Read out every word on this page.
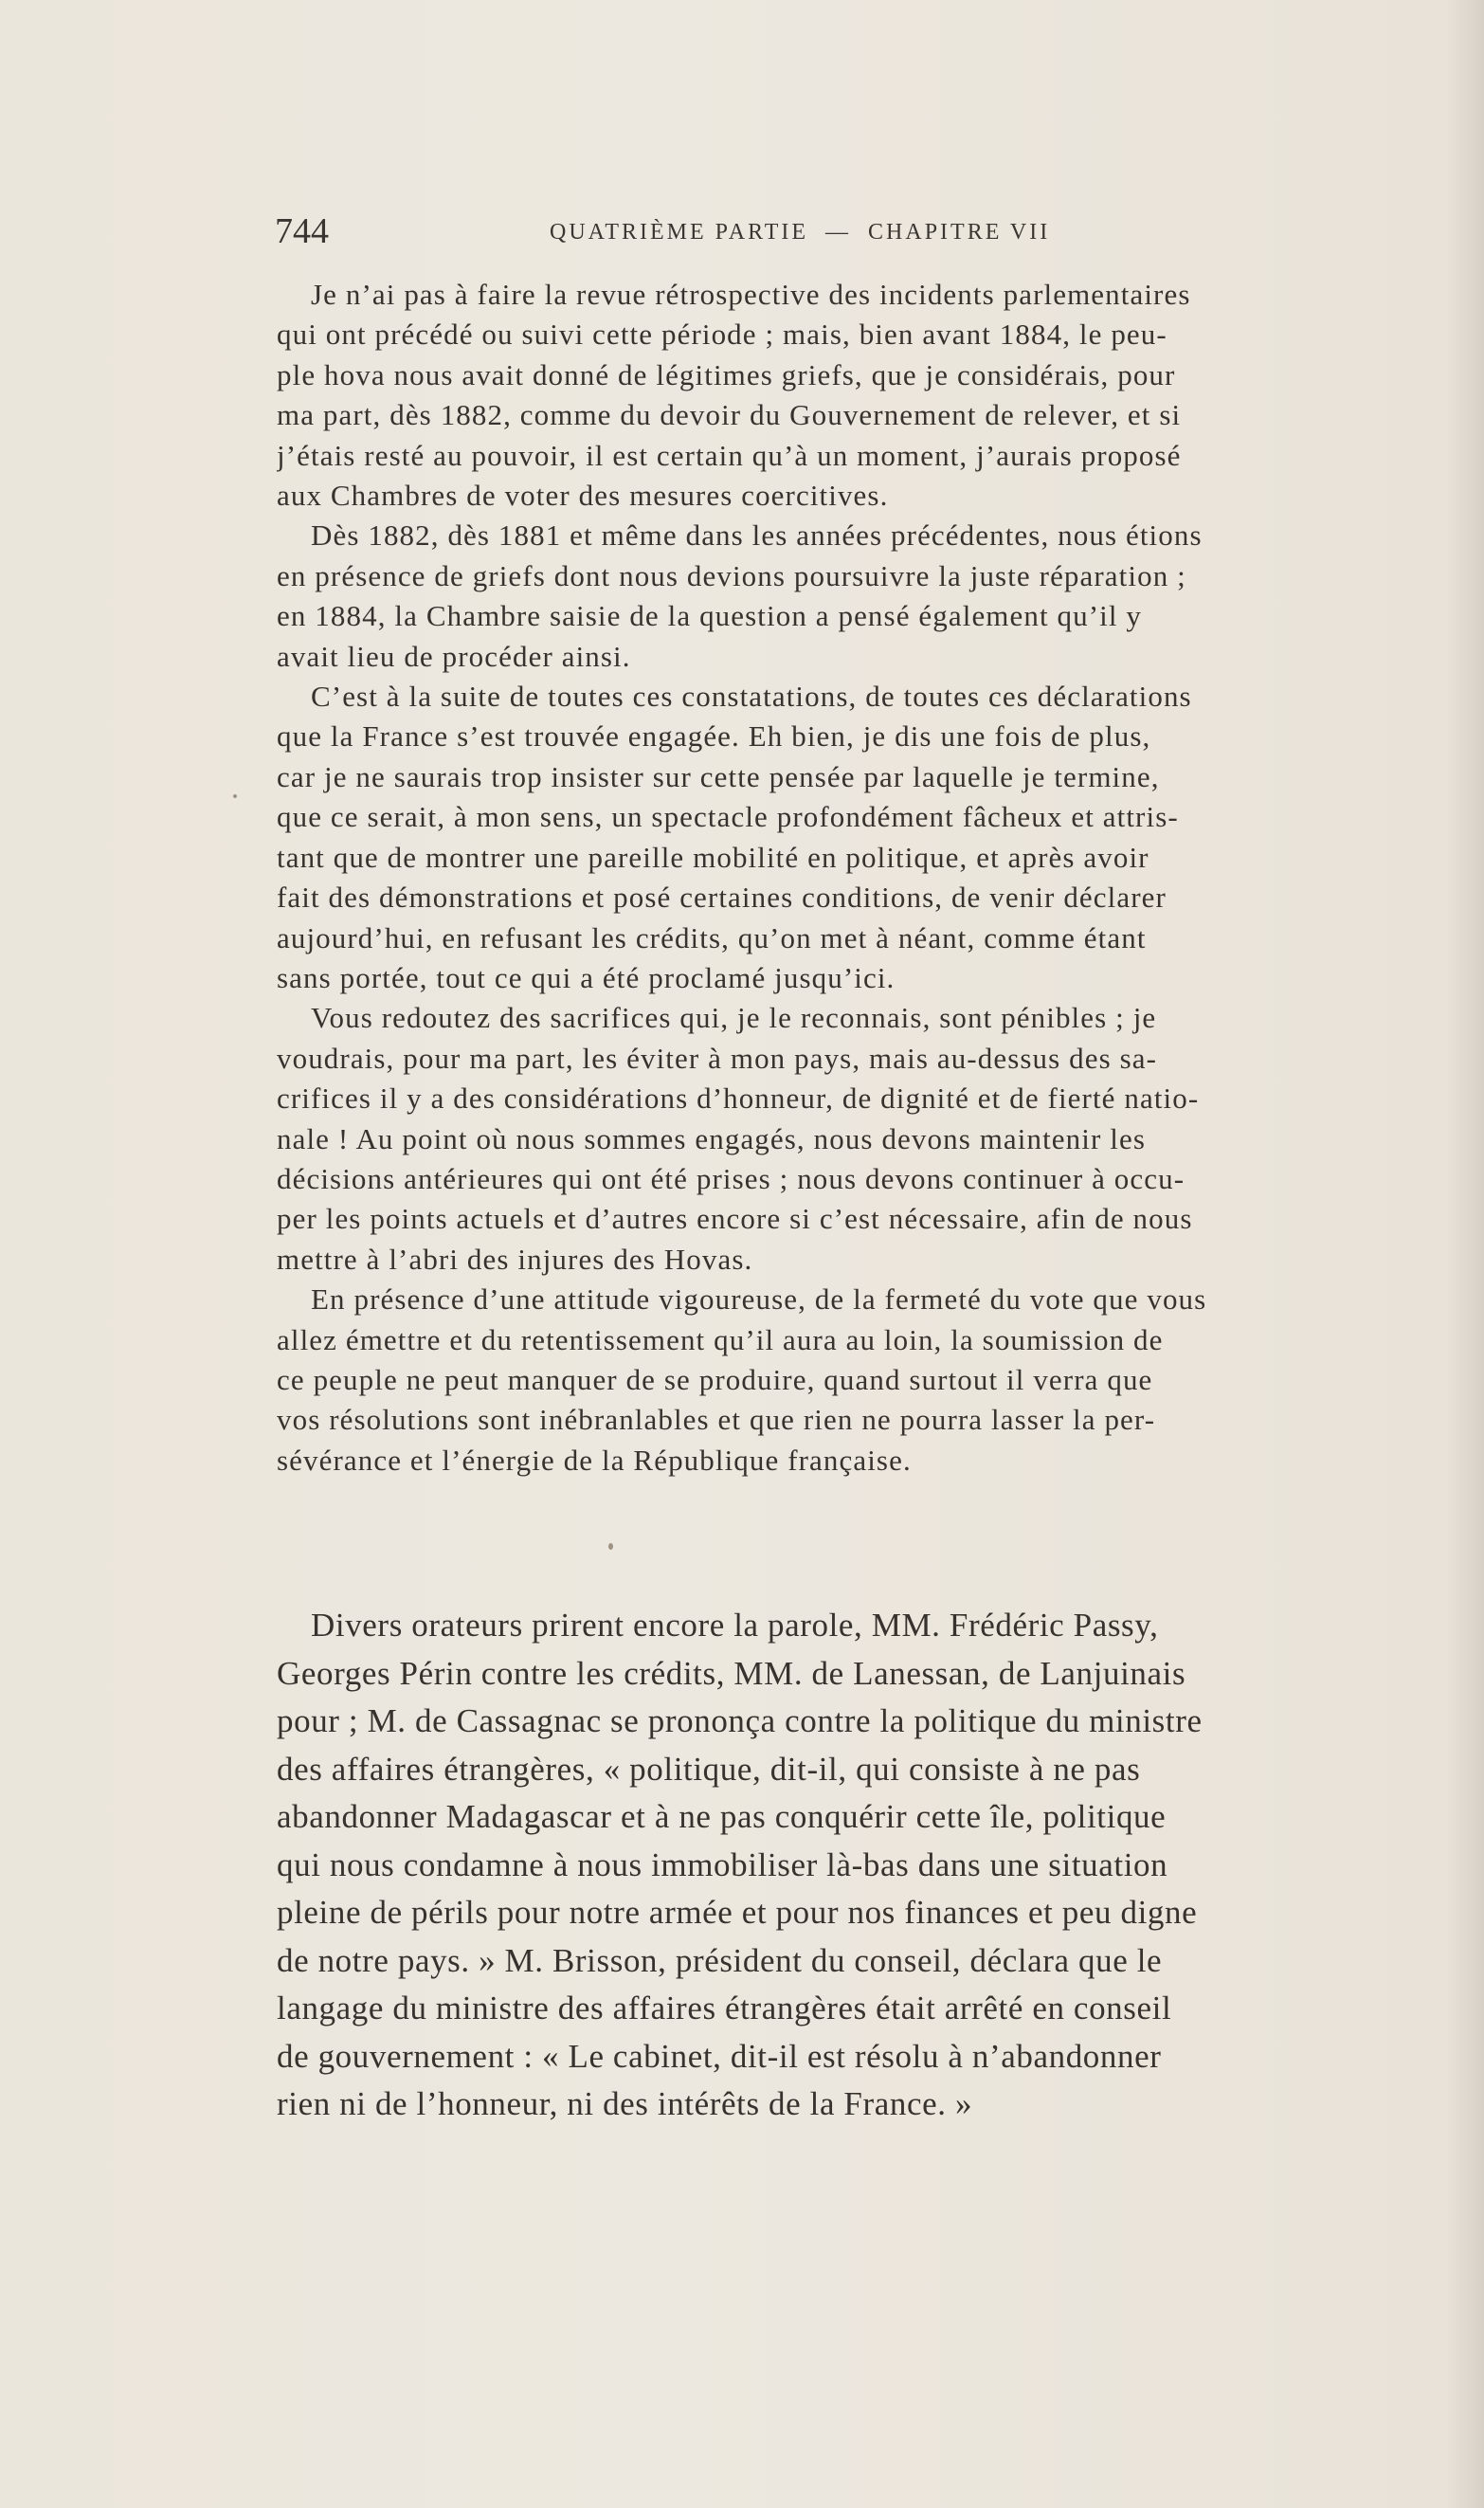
744	QUATRIÈME PARTIE — CHAPITRE VII

Je n’ai pas à faire la revue rétrospective des incidents parlementaires
qui ont précédé ou suivi cette période ; mais, bien avant 1884, le peu-
ple hova nous avait donné de légitimes griefs, que je considérais, pour
ma part, dès 1882, comme du devoir du Gouvernement de relever, et si
j’étais resté au pouvoir, il est certain qu’à un moment, j’aurais proposé
aux Chambres de voter des mesures coercitives.

Dès 1882, dès 1881 et même dans les années précédentes, nous étions
en présence de griefs dont nous devions poursuivre la juste réparation ;
en 1884, la Chambre saisie de la question a pensé également qu’il y
avait lieu de procéder ainsi.

C’est à la suite de toutes ces constatations, de toutes ces déclarations
que la France s’est trouvée engagée. Eh bien, je dis une fois de plus,
car je ne saurais trop insister sur cette pensée par laquelle je termine,
que ce serait, à mon sens, un spectacle profondément fâcheux et attris-
tant que de montrer une pareille mobilité en politique, et après avoir
fait des démonstrations et posé certaines conditions, de venir déclarer
aujourd’hui, en refusant les crédits, qu’on met à néant, comme étant
sans portée, tout ce qui a été proclamé jusqu’ici.

Vous redoutez des sacrifices qui, je le reconnais, sont pénibles ; je
voudrais, pour ma part, les éviter à mon pays, mais au-dessus des sa-
crifices il y a des considérations d’honneur, de dignité et de fierté natio-
nale ! Au point où nous sommes engagés, nous devons maintenir les
décisions antérieures qui ont été prises ; nous devons continuer à occu-
per les points actuels et d’autres encore si c’est nécessaire, afin de nous
mettre à l’abri des injures des Hovas.

En présence d’une attitude vigoureuse, de la fermeté du vote que vous
allez émettre et du retentissement qu’il aura au loin, la soumission de
ce peuple ne peut manquer de se produire, quand surtout il verra que
vos résolutions sont inébranlables et que rien ne pourra lasser la per-
sévérance et l’énergie de la République française.

Divers orateurs prirent encore la parole, MM. Frédéric Passy,
Georges Périn contre les crédits, MM. de Lanessan, de Lanjuinais
pour ; M. de Cassagnac se prononça contre la politique du ministre
des affaires étrangères, « politique, dit-il, qui consiste à ne pas
abandonner Madagascar et à ne pas conquérir cette île, politique
qui nous condamne à nous immobiliser là-bas dans une situation
pleine de périls pour notre armée et pour nos finances et peu digne
de notre pays. » M. Brisson, président du conseil, déclara que le
langage du ministre des affaires étrangères était arrêté en conseil
de gouvernement : « Le cabinet, dit-il est résolu à n’abandonner
rien ni de l’honneur, ni des intérêts de la France. »
